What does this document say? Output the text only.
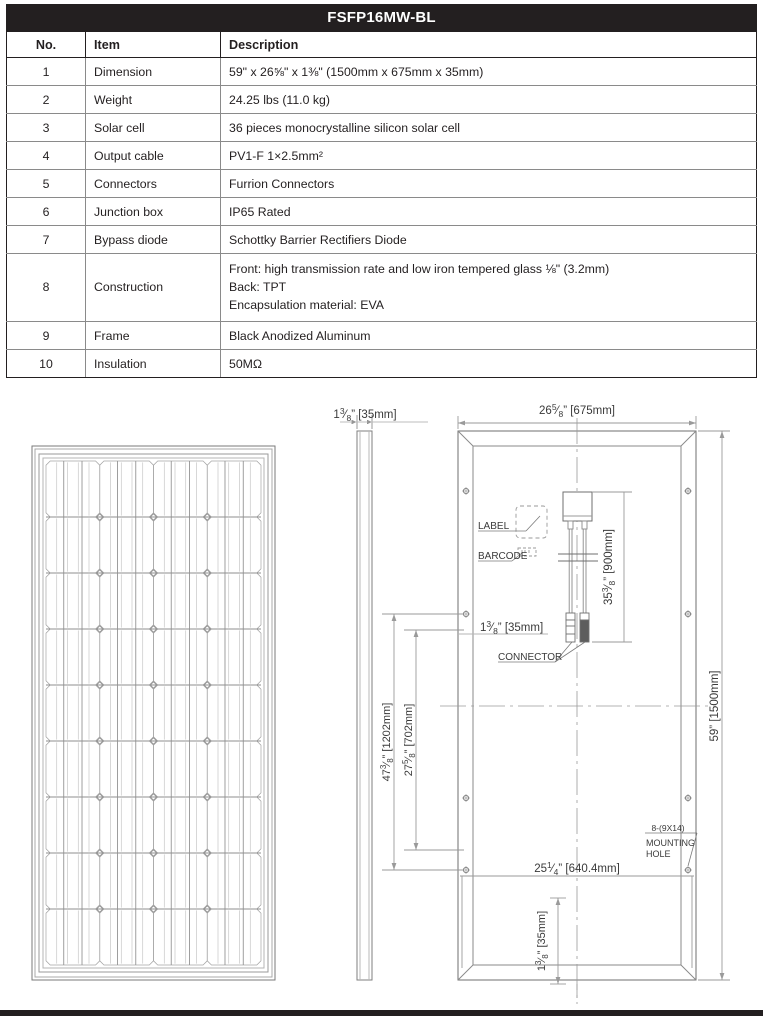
FSFP16MW-BL
No.	Item	Description
1	Dimension	59" x 26⅝" x 1⅜" (1500mm x 675mm x 35mm)

2	Weight	24.25 lbs (11.0 kg)

3	Solar cell	36 pieces monocrystalline silicon solar cell

4	Output cable	PV1-F 1×2.5mm²

5	Connectors	Furrion Connectors

6	Junction box	IP65 Rated

7	Bypass diode	Schottky Barrier Rectifiers Diode

8	Construction	Front: high transmission rate and low iron tempered glass ⅛" (3.2mm)
Back: TPT
Encapsulation material: EVA

9	Frame	Black Anodized Aluminum

10	Insulation	50MΩ
$1^3⁄_8$” [35mm]
LABEL
BARCODE
CONNECTOR
$26^5⁄_8$” [675mm]
59” [1500mm]
$47^3⁄_8$” [1202mm]
$27^5⁄_8$” [702mm]
$35^3⁄_8$” [900mm]
$1^3⁄_8$” [35mm]
8-(9X14)
MOUNTING
HOLE
$25^1⁄_4$” [640.4mm]
$1^3⁄_8$” [35mm]
